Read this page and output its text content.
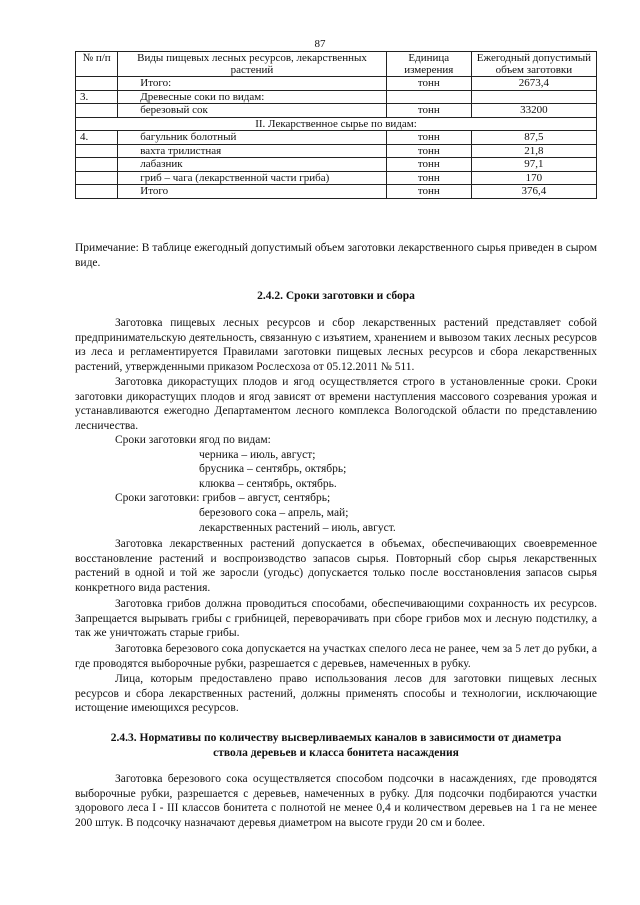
87
№ п/п	Виды пищевых лесных ресурсов, лекарственных растений	Единица измерения	Ежегодный допустимый объем заготовки
	Итого:	тонн	2673,4
3.	Древесные соки по видам:		
	березовый сок	тонн	33200
II. Лекарственное сырье по видам:			
4.	багульник болотный	тонн	87,5
	вахта трилистная	тонн	21,8
	лабазник	тонн	97,1
	гриб – чага (лекарственной части гриба)	тонн	170
	Итого	тонн	376,4
Примечание: В таблице ежегодный допустимый объем заготовки лекарственного сырья приведен в сыром виде.
2.4.2. Сроки заготовки и сбора

Заготовка пищевых лесных ресурсов и сбор лекарственных растений представляет собой предпринимательскую деятельность, связанную с изъятием, хранением и вывозом таких лесных ресурсов из леса и регламентируется Правилами заготовки пищевых лесных ресурсов и сбора лекарственных растений, утвержденными приказом Рослесхоза от 05.12.2011 № 511.

Заготовка дикорастущих плодов и ягод осуществляется строго в установленные сроки. Сроки заготовки дикорастущих плодов и ягод зависят от времени наступления массового созревания урожая и устанавливаются ежегодно Департаментом лесного комплекса Вологодской области по представлению лесничества.

Сроки заготовки ягод по видам:
черника – июль, август;
брусника – сентябрь, октябрь;
клюква – сентябрь, октябрь.
Сроки заготовки: грибов – август, сентябрь;
березового сока – апрель, май;
лекарственных растений – июль, август.

Заготовка лекарственных растений допускается в объемах, обеспечивающих своевременное восстановление растений и воспроизводство запасов сырья. Повторный сбор сырья лекарственных растений в одной и той же заросли (угодьс) допускается только после восстановления запасов сырья конкретного вида растения.

Заготовка грибов должна проводиться способами, обеспечивающими сохранность их ресурсов. Запрещается вырывать грибы с грибницей, переворачивать при сборе грибов мох и лесную подстилку, а так же уничтожать старые грибы.

Заготовка березового сока допускается на участках спелого леса не ранее, чем за 5 лет до рубки, а где проводятся выборочные рубки, разрешается с деревьев, намеченных в рубку.

Лица, которым предоставлено право использования лесов для заготовки пищевых лесных ресурсов и сбора лекарственных растений, должны применять способы и технологии, исключающие истощение имеющихся ресурсов.

2.4.3. Нормативы по количеству высверливаемых каналов в зависимости от диаметра
ствола деревьев и класса бонитета насаждения

Заготовка березового сока осуществляется способом подсочки в насаждениях, где проводятся выборочные рубки, разрешается с деревьев, намеченных в рубку. Для подсочки подбираются участки здорового леса I - III классов бонитета с полнотой не менее 0,4 и количеством деревьев на 1 га не менее 200 штук. В подсочку назначают деревья диаметром на высоте груди 20 см и более.
